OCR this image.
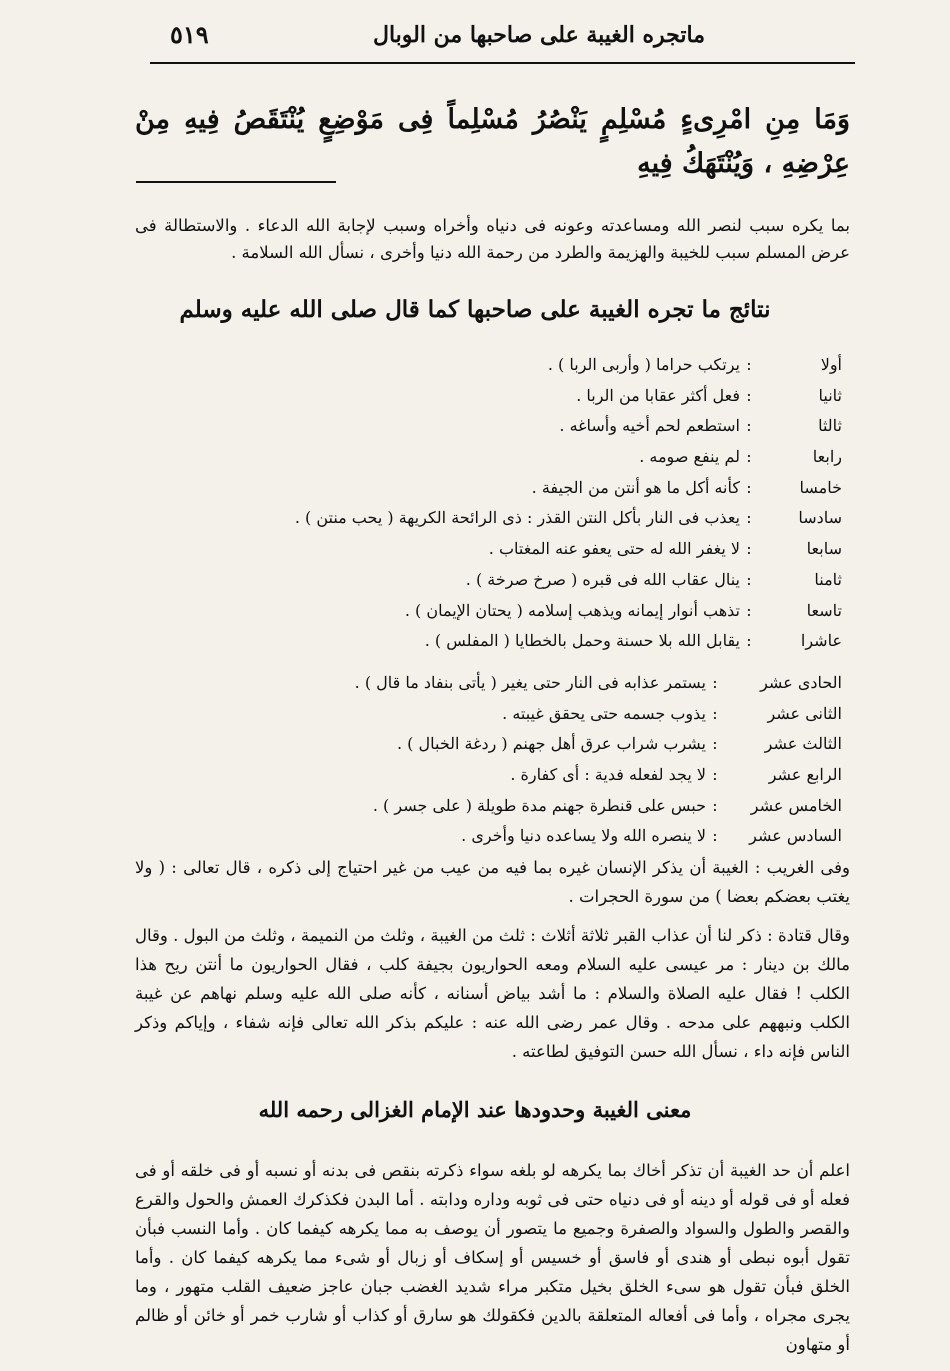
ماتجره الغيبة على صاحبها من الوبال
٥١٩
وَمَا مِنِ امْرِىءٍ مُسْلِمٍ يَنْصُرُ مُسْلِماً فِى مَوْضِعٍ يُنْتَقَصُ فِيهِ مِنْ عِرْضِهِ ، وَيُنْتَهَكُ فِيهِ
بما يكره سبب لنصر الله ومساعدته وعونه فى دنياه وأخراه وسبب لإجابة الله الدعاء . والاستطالة فى عرض المسلم سبب للخيبة والهزيمة والطرد من رحمة الله دنيا وأخرى ، نسأل الله السلامة .
نتائج ما تجره الغيبة على صاحبها كما قال صلى الله عليه وسلم
أولا:يرتكب حراما ( وأربى الربا ) .
ثانيا:فعل أكثر عقابا من الربا .
ثالثا:استطعم لحم أخيه وأساغه .
رابعا:لم ينفع صومه .
خامسا:كأنه أكل ما هو أنتن من الجيفة .
سادسا:يعذب فى النار بأكل النتن القذر : ذى الرائحة الكريهة ( يحب منتن ) .
سابعا:لا يغفر الله له حتى يعفو عنه المغتاب .
ثامنا:ينال عقاب الله فى قبره ( صرخ صرخة ) .
تاسعا:تذهب أنوار إيمانه ويذهب إسلامه ( يحتان الإيمان ) .
عاشرا:يقابل الله بلا حسنة وحمل بالخطايا ( المفلس ) .
الحادى عشر:يستمر عذابه فى النار حتى يغير ( يأتى بنفاد ما قال ) .
الثانى عشر:يذوب جسمه حتى يحقق غيبته .
الثالث عشر:يشرب شراب عرق أهل جهنم ( ردغة الخبال ) .
الرابع عشر:لا يجد لفعله فدية : أى كفارة .
الخامس عشر:حبس على قنطرة جهنم مدة طويلة ( على جسر ) .
السادس عشر:لا ينصره الله ولا يساعده دنيا وأخرى .
وفى الغريب : الغيبة أن يذكر الإنسان غيره بما فيه من عيب من غير احتياج إلى ذكره ، قال تعالى : ( ولا يغتب بعضكم بعضا ) من سورة الحجرات .
وقال قتادة : ذكر لنا أن عذاب القبر ثلاثة أثلاث : ثلث من الغيبة ، وثلث من النميمة ، وثلث من البول . وقال مالك بن دينار : مر عيسى عليه السلام ومعه الحواريون بجيفة كلب ، فقال الحواريون ما أنتن ريح هذا الكلب ! فقال عليه الصلاة والسلام : ما أشد بياض أسنانه ، كأنه صلى الله عليه وسلم نهاهم عن غيبة الكلب ونبههم على مدحه . وقال عمر رضى الله عنه : عليكم بذكر الله تعالى فإنه شفاء ، وإياكم وذكر الناس فإنه داء ، نسأل الله حسن التوفيق لطاعته .
معنى الغيبة وحدودها عند الإمام الغزالى رحمه الله
اعلم أن حد الغيبة أن تذكر أخاك بما يكرهه لو بلغه سواء ذكرته بنقص فى بدنه أو نسبه أو فى خلقه أو فى فعله أو فى قوله أو دينه أو فى دنياه حتى فى ثوبه وداره ودابته . أما البدن فكذكرك العمش والحول والقرع والقصر والطول والسواد والصفرة وجميع ما يتصور أن يوصف به مما يكرهه كيفما كان . وأما النسب فبأن تقول أبوه نبطى أو هندى أو فاسق أو خسيس أو إسكاف أو زبال أو شىء مما يكرهه كيفما كان . وأما الخلق فبأن تقول هو سىء الخلق بخيل متكبر مراء شديد الغضب جبان عاجز ضعيف القلب متهور ، وما يجرى مجراه ، وأما فى أفعاله المتعلقة بالدين فكقولك هو سارق أو كذاب أو شارب خمر أو خائن أو ظالم أو متهاون
